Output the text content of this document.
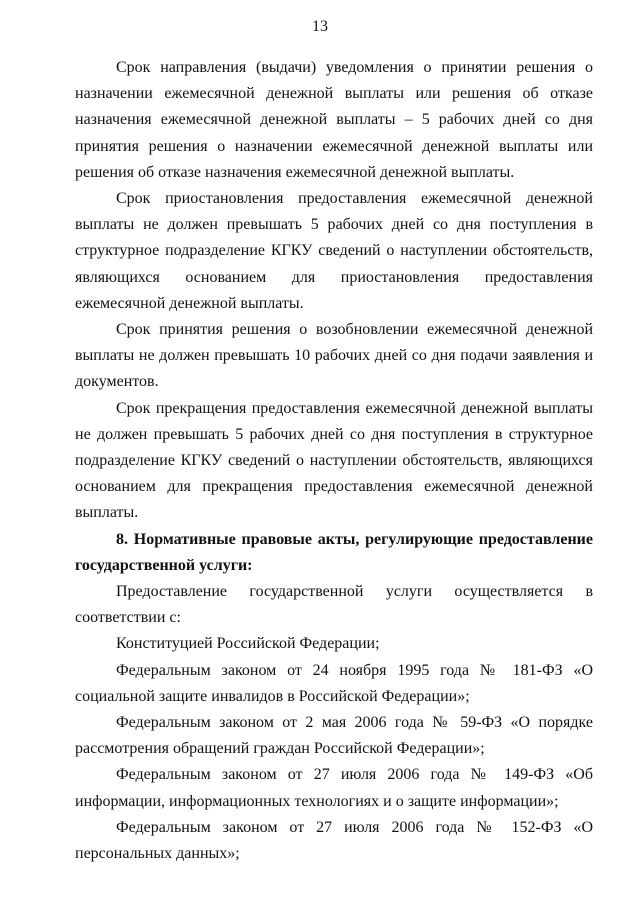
13

Срок направления (выдачи) уведомления о принятии решения о назначении ежемесячной денежной выплаты или решения об отказе назначения ежемесячной денежной выплаты – 5 рабочих дней со дня принятия решения о назначении ежемесячной денежной выплаты или решения об отказе назначения ежемесячной денежной выплаты.

Срок приостановления предоставления ежемесячной денежной выплаты не должен превышать 5 рабочих дней со дня поступления в структурное подразделение КГКУ сведений о наступлении обстоятельств, являющихся основанием для приостановления предоставления ежемесячной денежной выплаты.

Срок принятия решения о возобновлении ежемесячной денежной выплаты не должен превышать 10 рабочих дней со дня подачи заявления и документов.

Срок прекращения предоставления ежемесячной денежной выплаты не должен превышать 5 рабочих дней со дня поступления в структурное подразделение КГКУ сведений о наступлении обстоятельств, являющихся основанием для прекращения предоставления ежемесячной денежной выплаты.

8. Нормативные правовые акты, регулирующие предоставление государственной услуги:

Предоставление государственной услуги осуществляется в соответствии с:

Конституцией Российской Федерации;

Федеральным законом от 24 ноября 1995 года № 181-ФЗ «О социальной защите инвалидов в Российской Федерации»;

Федеральным законом от 2 мая 2006 года № 59-ФЗ «О порядке рассмотрения обращений граждан Российской Федерации»;

Федеральным законом от 27 июля 2006 года № 149-ФЗ «Об информации, информационных технологиях и о защите информации»;

Федеральным законом от 27 июля 2006 года № 152-ФЗ «О персональных данных»;
